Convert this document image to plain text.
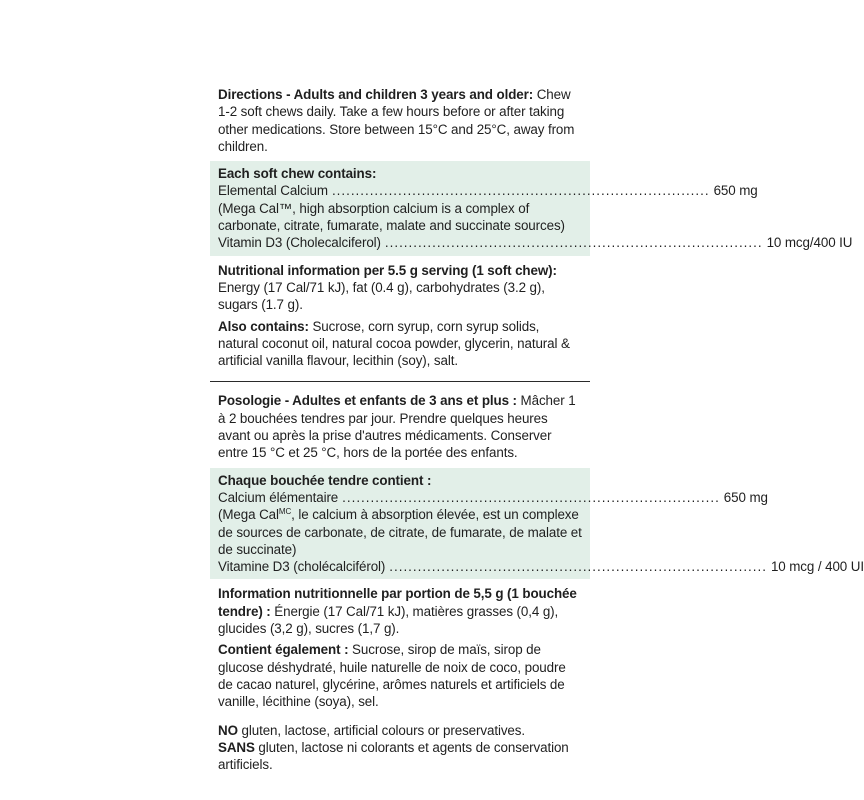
Directions - Adults and children 3 years and older: Chew 1-2 soft chews daily. Take a few hours before or after taking other medications. Store between 15°C and 25°C, away from children.

Each soft chew contains:
Elemental Calcium ................................................................................ 650 mg
(Mega Cal™, high absorption calcium is a complex of carbonate, citrate, fumarate, malate and succinate sources)
Vitamin D3 (Cholecalciferol) ................................................................................ 10 mcg/400 IU

Nutritional information per 5.5 g serving (1 soft chew): Energy (17 Cal/71 kJ), fat (0.4 g), carbohydrates (3.2 g), sugars (1.7 g).

Also contains: Sucrose, corn syrup, corn syrup solids, natural coconut oil, natural cocoa powder, glycerin, natural & artificial vanilla flavour, lecithin (soy), salt.

Posologie - Adultes et enfants de 3 ans et plus : Mâcher 1 à 2 bouchées tendres par jour. Prendre quelques heures avant ou après la prise d'autres médicaments. Conserver entre 15 °C et 25 °C, hors de la portée des enfants.

Chaque bouchée tendre contient :
Calcium élémentaire ................................................................................ 650 mg
(Mega Cal$^{MC}$, le calcium à absorption élevée, est un complexe de sources de carbonate, de citrate, de fumarate, de malate et de succinate)
Vitamine D3 (cholécalciférol) ................................................................................ 10 mcg / 400 UI

Information nutritionnelle par portion de 5,5 g (1 bouchée tendre) : Énergie (17 Cal/71 kJ), matières grasses (0,4 g), glucides (3,2 g), sucres (1,7 g).

Contient également : Sucrose, sirop de maïs, sirop de glucose déshydraté, huile naturelle de noix de coco, poudre de cacao naturel, glycérine, arômes naturels et artificiels de vanille, lécithine (soya), sel.

NO gluten, lactose, artificial colours or preservatives.
SANS gluten, lactose ni colorants et agents de conservation artificiels.
